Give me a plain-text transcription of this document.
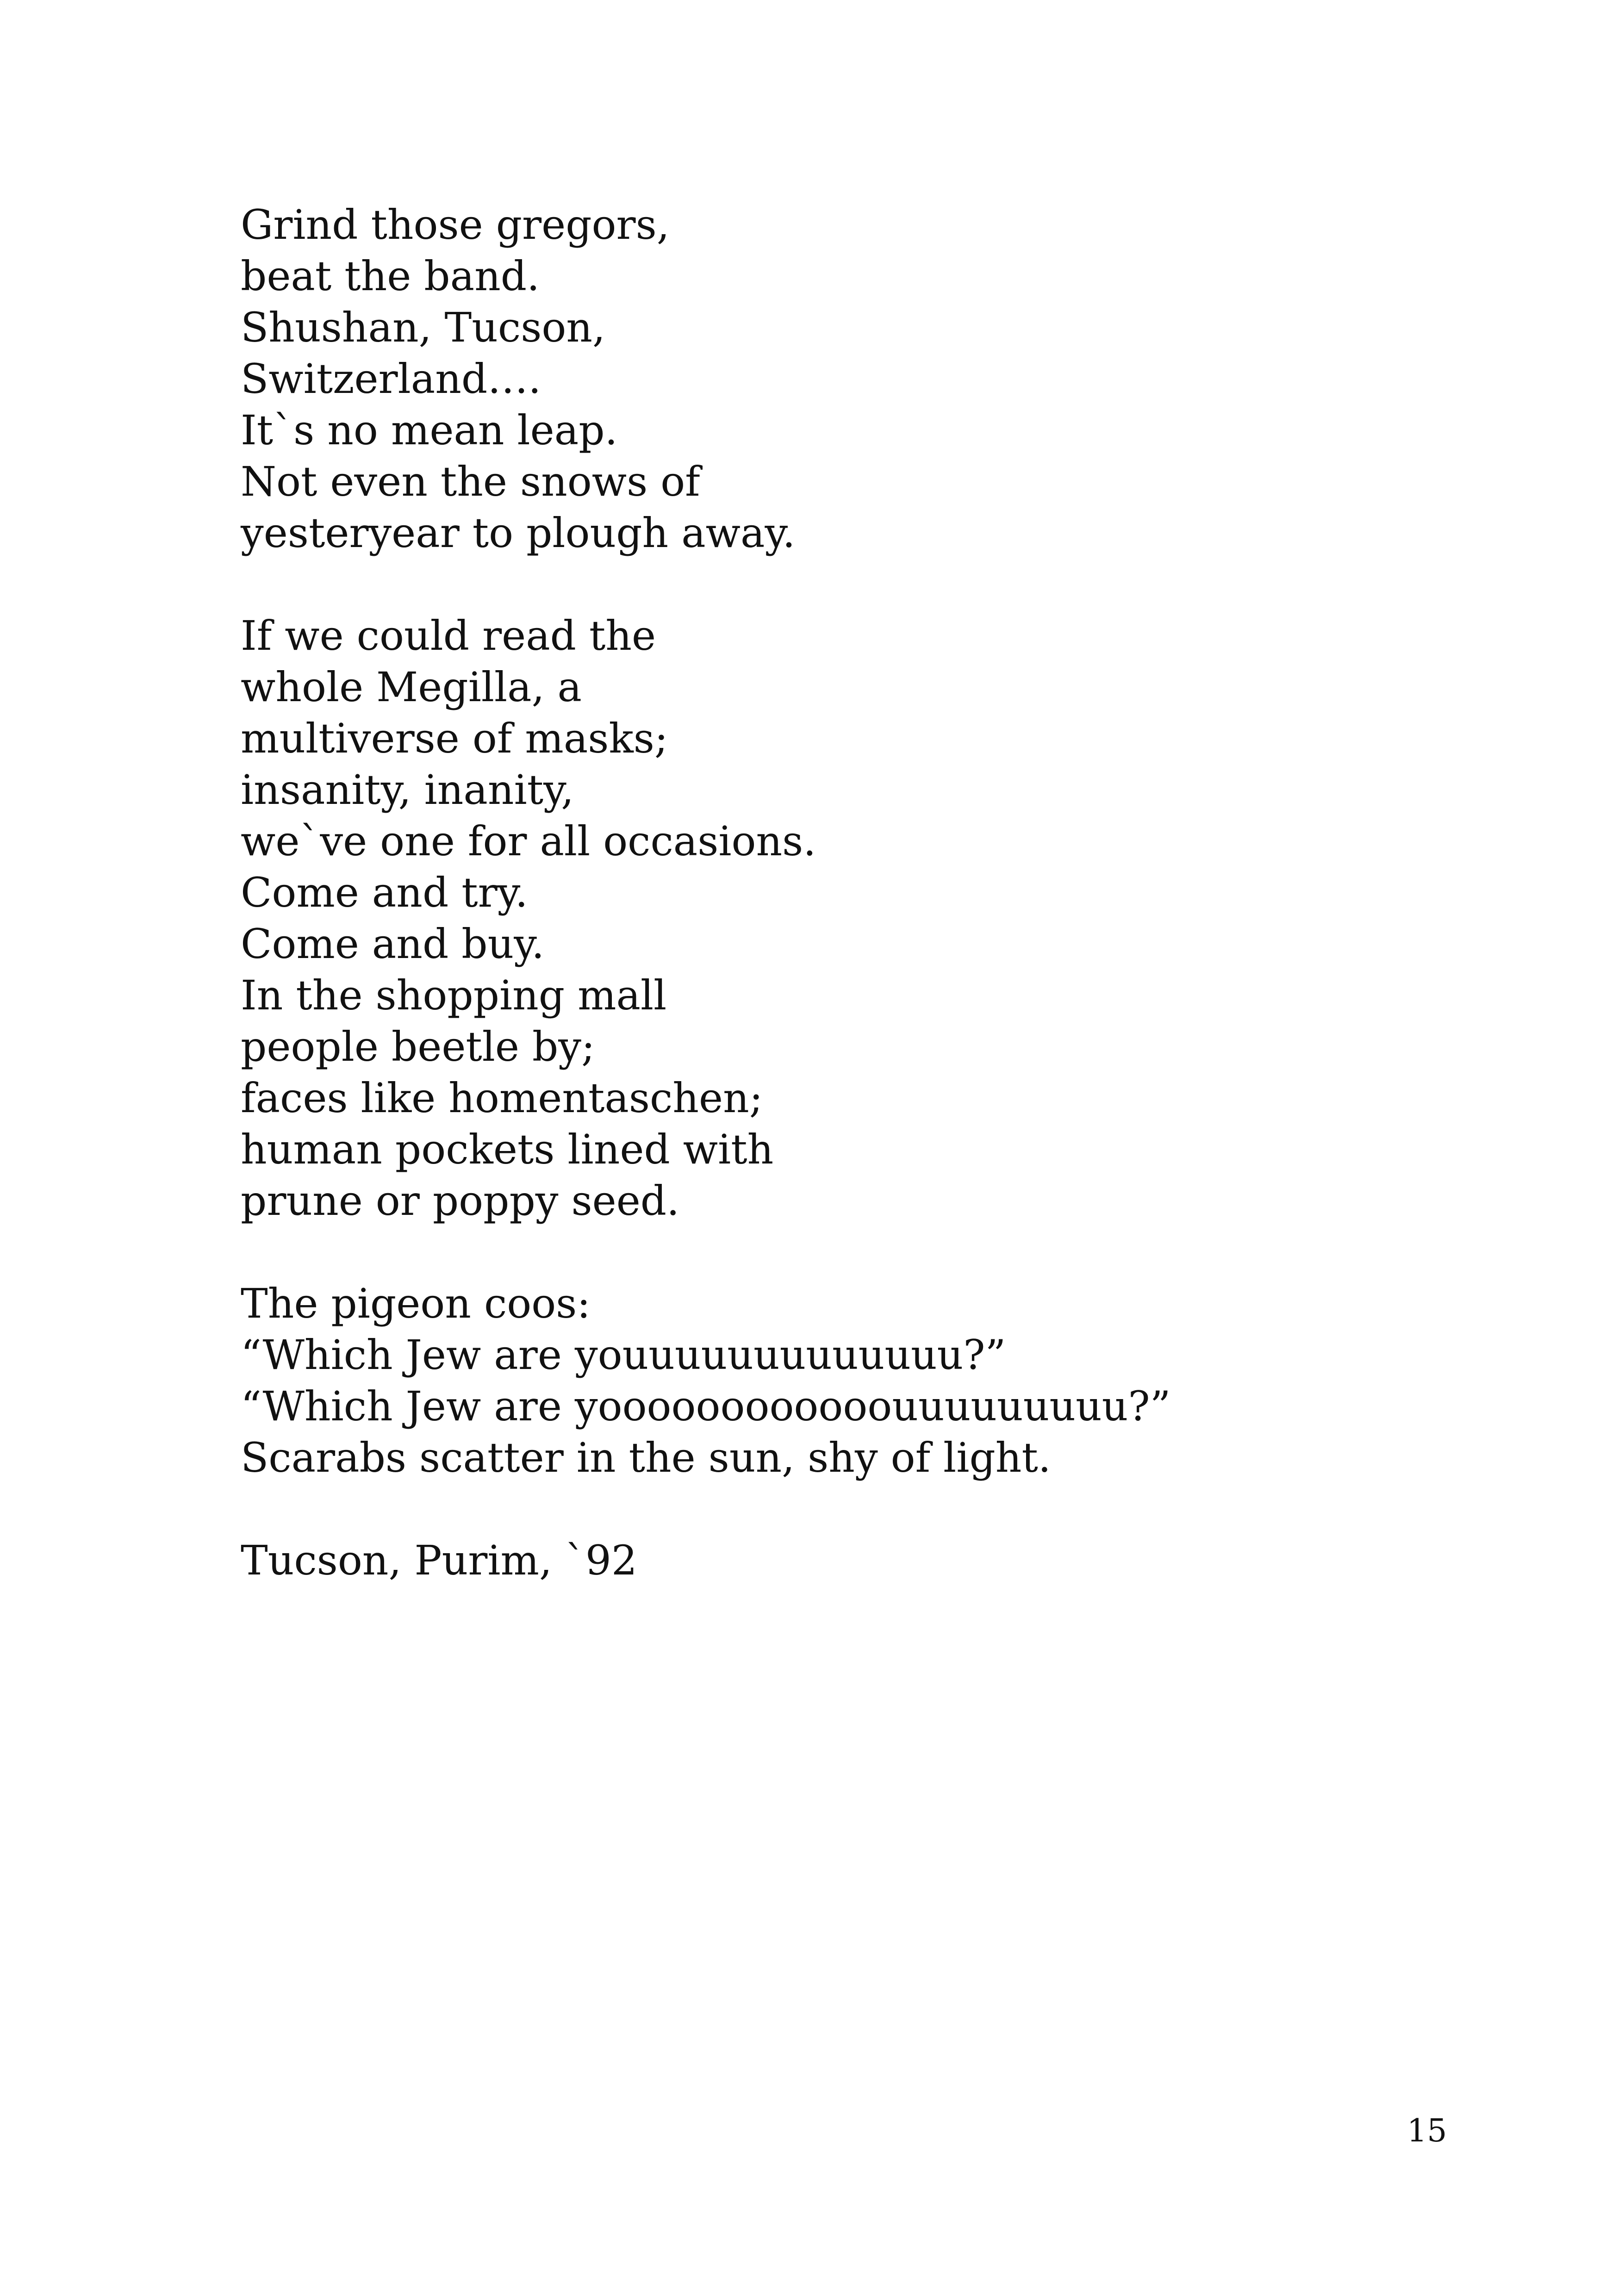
Grind those gregors,
beat the band.
Shushan, Tucson,
Switzerland….
It`s no mean leap.
Not even the snows of
yesteryear to plough away.
If we could read the
whole Megilla, a
multiverse of masks;
insanity, inanity,
we`ve one for all occasions.
Come and try.
Come and buy.
In the shopping mall
people beetle by;
faces like homentaschen;
human pockets lined with
prune or poppy seed.
The pigeon coos:
“Which Jew are youuuuuuuuuuuuu?”
“Which Jew are yoooooooooooouuuuuuuuu?”
Scarabs scatter in the sun, shy of light.
Tucson, Purim, `92
15
